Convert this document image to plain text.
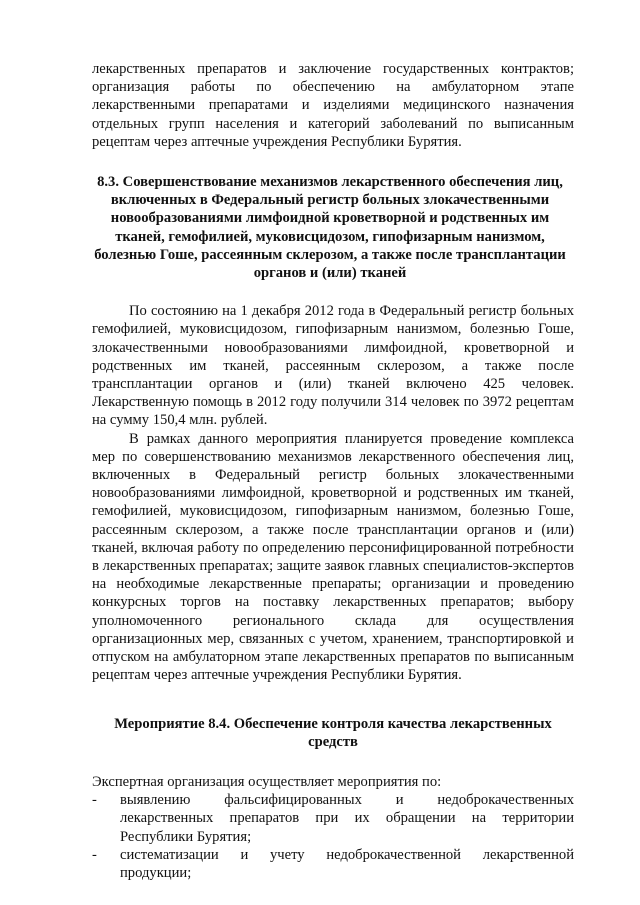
лекарственных препаратов и заключение государственных контрактов; организация работы по обеспечению на амбулаторном этапе лекарственными препаратами и изделиями медицинского назначения отдельных групп населения и категорий заболеваний по выписанным рецептам через аптечные учреждения Республики Бурятия.

8.3. Совершенствование механизмов лекарственного обеспечения лиц, включенных в Федеральный регистр больных злокачественными новообразованиями лимфоидной кроветворной и родственных им тканей, гемофилией, муковисцидозом, гипофизарным нанизмом, болезнью Гоше, рассеянным склерозом, а также после трансплантации органов и (или) тканей

По состоянию на 1 декабря 2012 года в Федеральный регистр больных гемофилией, муковисцидозом, гипофизарным нанизмом, болезнью Гоше, злокачественными новообразованиями лимфоидной, кроветворной и родственных им тканей, рассеянным склерозом, а также после трансплантации органов и (или) тканей включено 425 человек. Лекарственную помощь в 2012 году получили 314 человек по 3972 рецептам на сумму 150,4 млн. рублей.

В рамках данного мероприятия планируется проведение комплекса мер по совершенствованию механизмов лекарственного обеспечения лиц, включенных в Федеральный регистр больных злокачественными новообразованиями лимфоидной, кроветворной и родственных им тканей, гемофилией, муковисцидозом, гипофизарным нанизмом, болезнью Гоше, рассеянным склерозом, а также после трансплантации органов и (или) тканей, включая работу по определению персонифицированной потребности в лекарственных препаратах; защите заявок главных специалистов-экспертов на необходимые лекарственные препараты; организации и проведению конкурсных торгов на поставку лекарственных препаратов; выбору уполномоченного регионального склада для осуществления организационных мер, связанных с учетом, хранением, транспортировкой и отпуском на амбулаторном этапе лекарственных препаратов по выписанным рецептам через аптечные учреждения Республики Бурятия.

Мероприятие 8.4. Обеспечение контроля качества лекарственных средств

Экспертная организация осуществляет мероприятия по:

-	выявлению фальсифицированных и недоброкачественных лекарственных препаратов при их обращении на территории Республики Бурятия;
-	систематизации и учету недоброкачественной лекарственной продукции;
